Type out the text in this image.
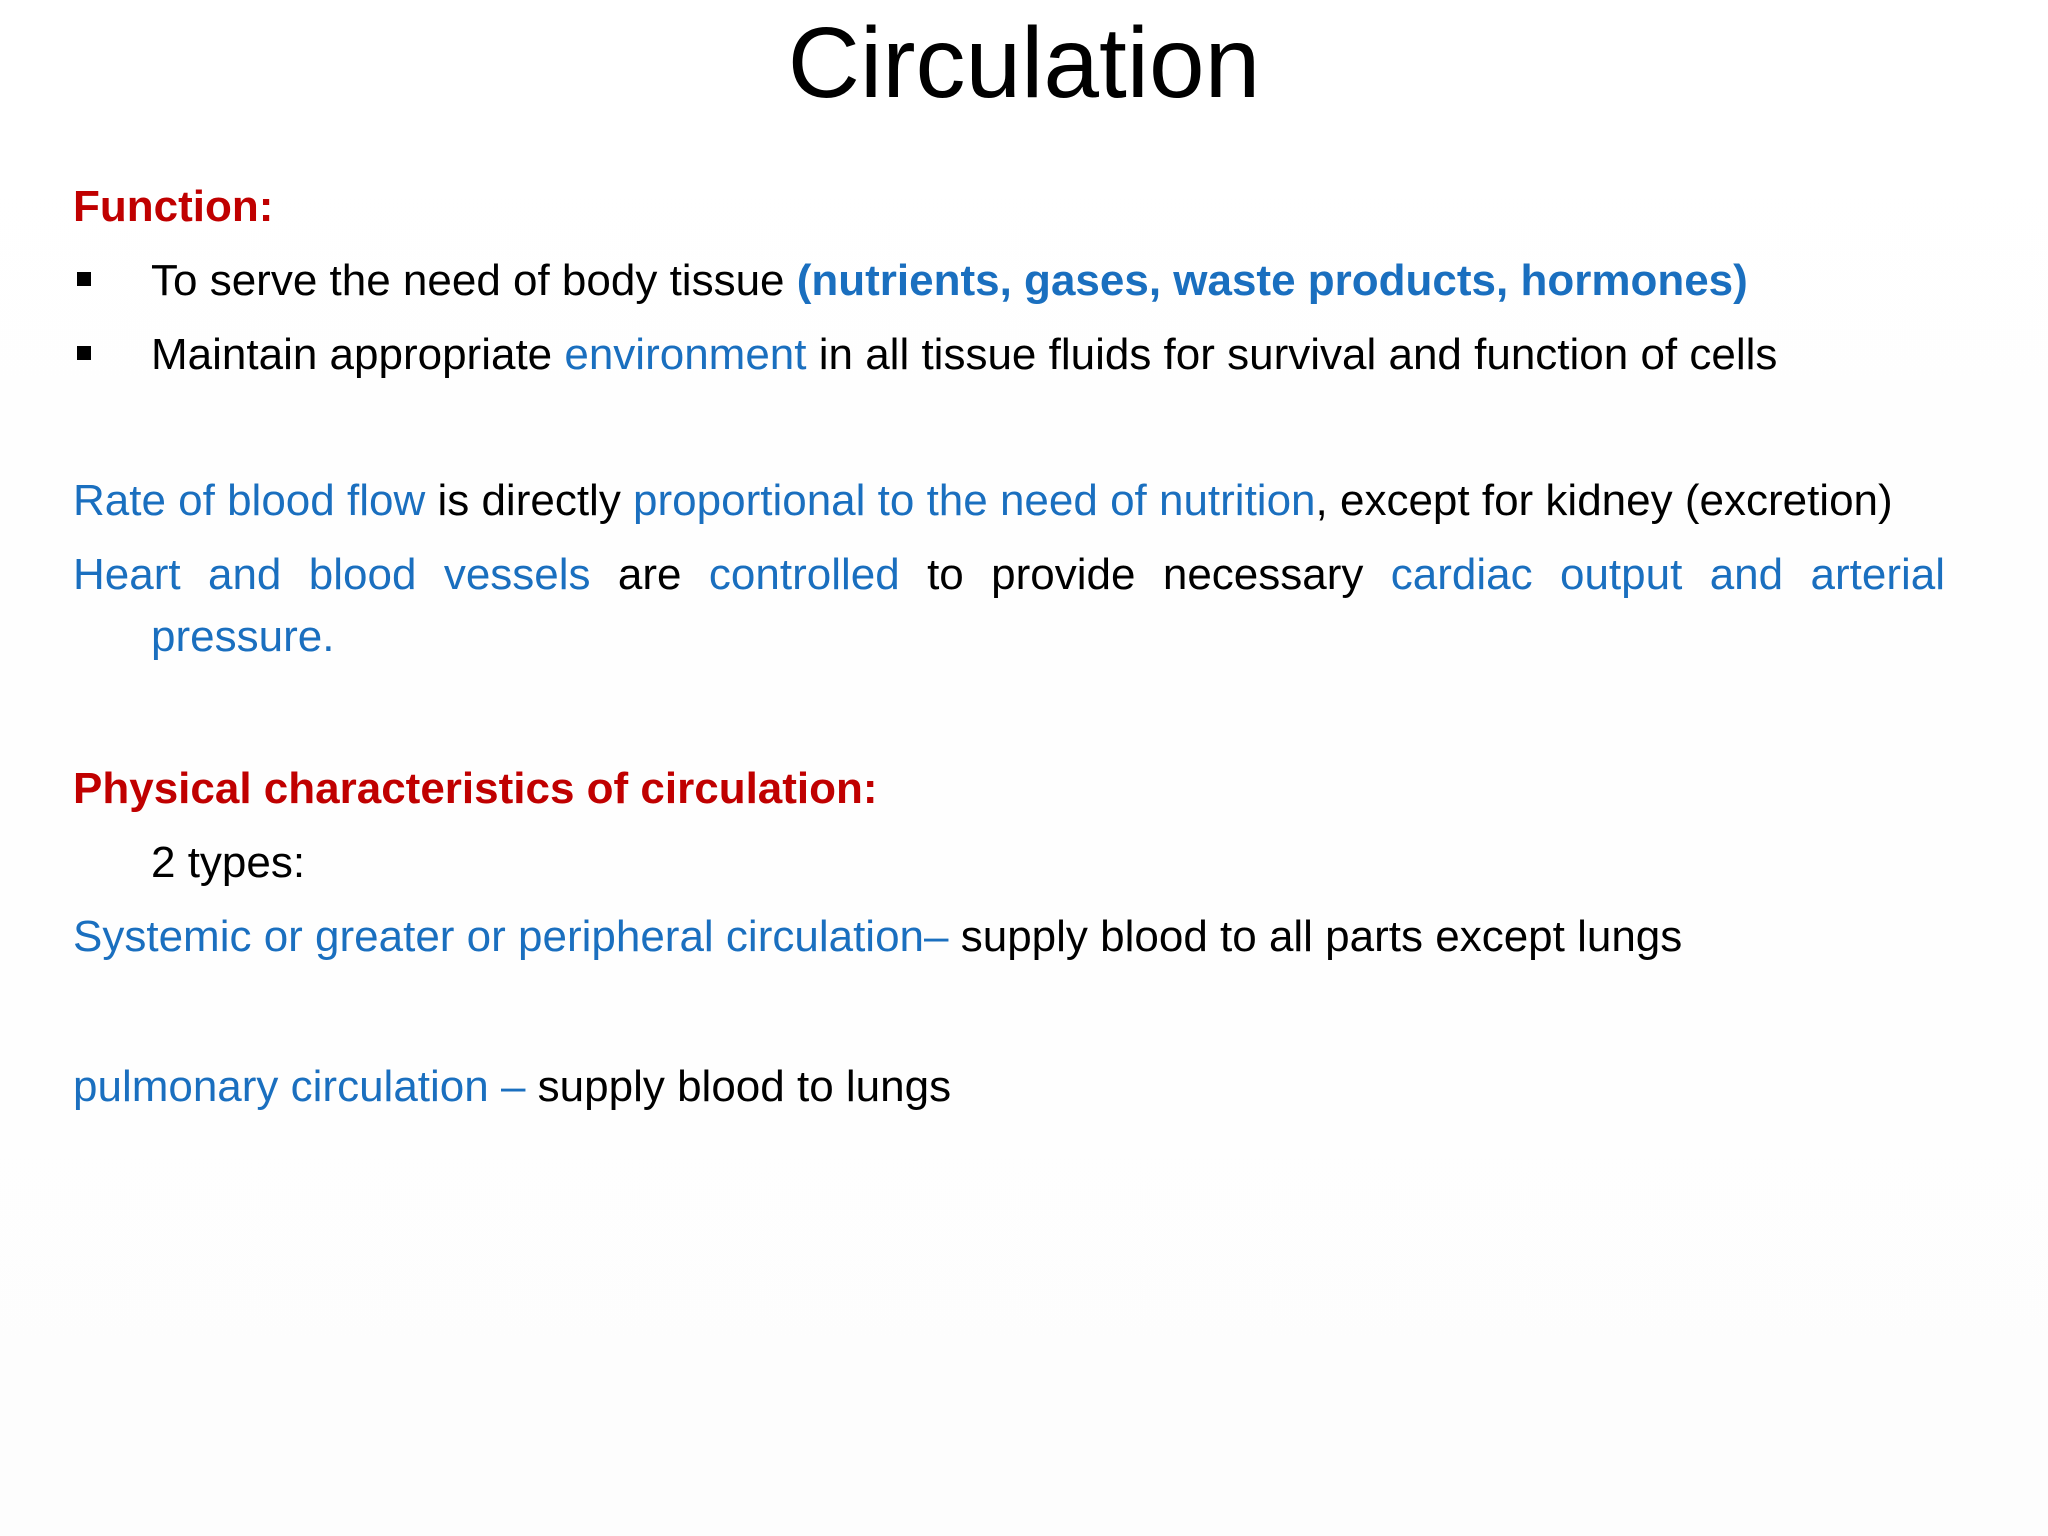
Circulation

Function:

To serve the need of body tissue (nutrients, gases, waste products, hormones)
Maintain appropriate environment in all tissue fluids for survival and function of cells

Rate of blood flow is directly proportional to the need of nutrition, except for kidney (excretion)

Heart and blood vessels are controlled to provide necessary cardiac output and arterial pressure.

Physical characteristics of circulation:

2 types:

Systemic or greater or peripheral circulation– supply blood to all parts except lungs

pulmonary circulation – supply blood to lungs
